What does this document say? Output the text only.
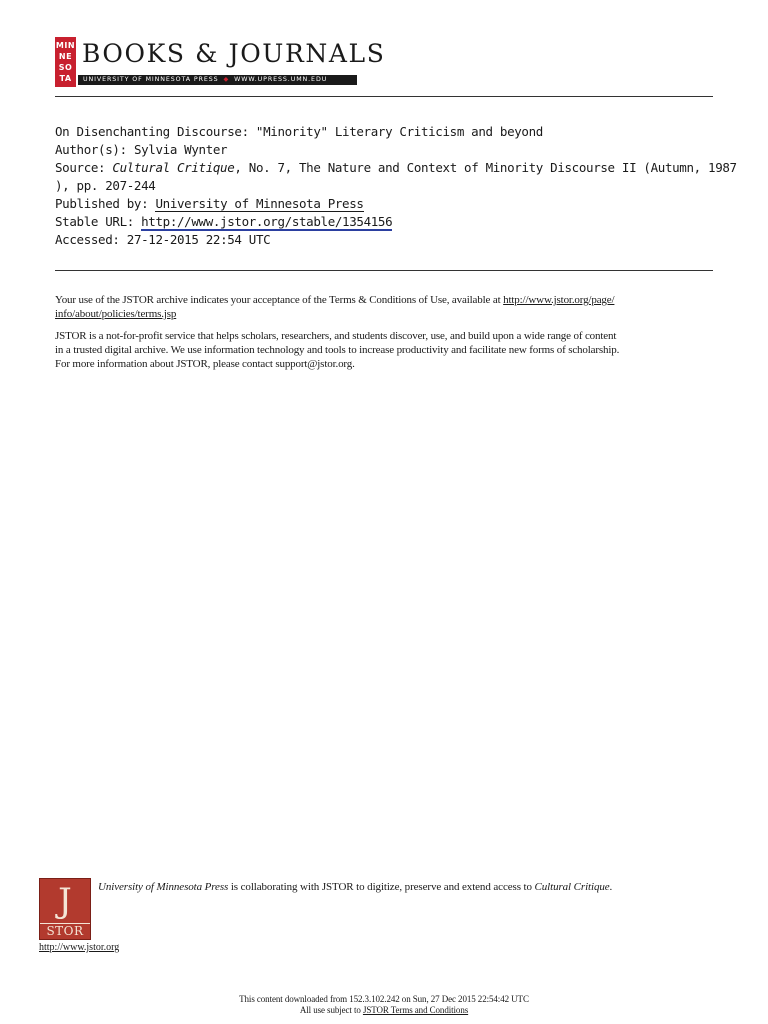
MIN
NE
SO
TA
BOOKS & JOURNALS
UNIVERSITY OF MINNESOTA PRESS ◆ WWW.UPRESS.UMN.EDU
On Disenchanting Discourse: "Minority" Literary Criticism and beyond
Author(s): Sylvia Wynter
Source: Cultural Critique, No. 7, The Nature and Context of Minority Discourse II (Autumn, 1987
), pp. 207-244
Published by: University of Minnesota Press
Stable URL: http://www.jstor.org/stable/1354156
Accessed: 27-12-2015 22:54 UTC

Your use of the JSTOR archive indicates your acceptance of the Terms & Conditions of Use, available at http://www.jstor.org/page/
info/about/policies/terms.jsp

JSTOR is a not-for-profit service that helps scholars, researchers, and students discover, use, and build upon a wide range of content
in a trusted digital archive. We use information technology and tools to increase productivity and facilitate new forms of scholarship.
For more information about JSTOR, please contact support@jstor.org.

J
STOR
University of Minnesota Press is collaborating with JSTOR to digitize, preserve and extend access to Cultural Critique.
http://www.jstor.org
This content downloaded from 152.3.102.242 on Sun, 27 Dec 2015 22:54:42 UTC
All use subject to JSTOR Terms and Conditions
